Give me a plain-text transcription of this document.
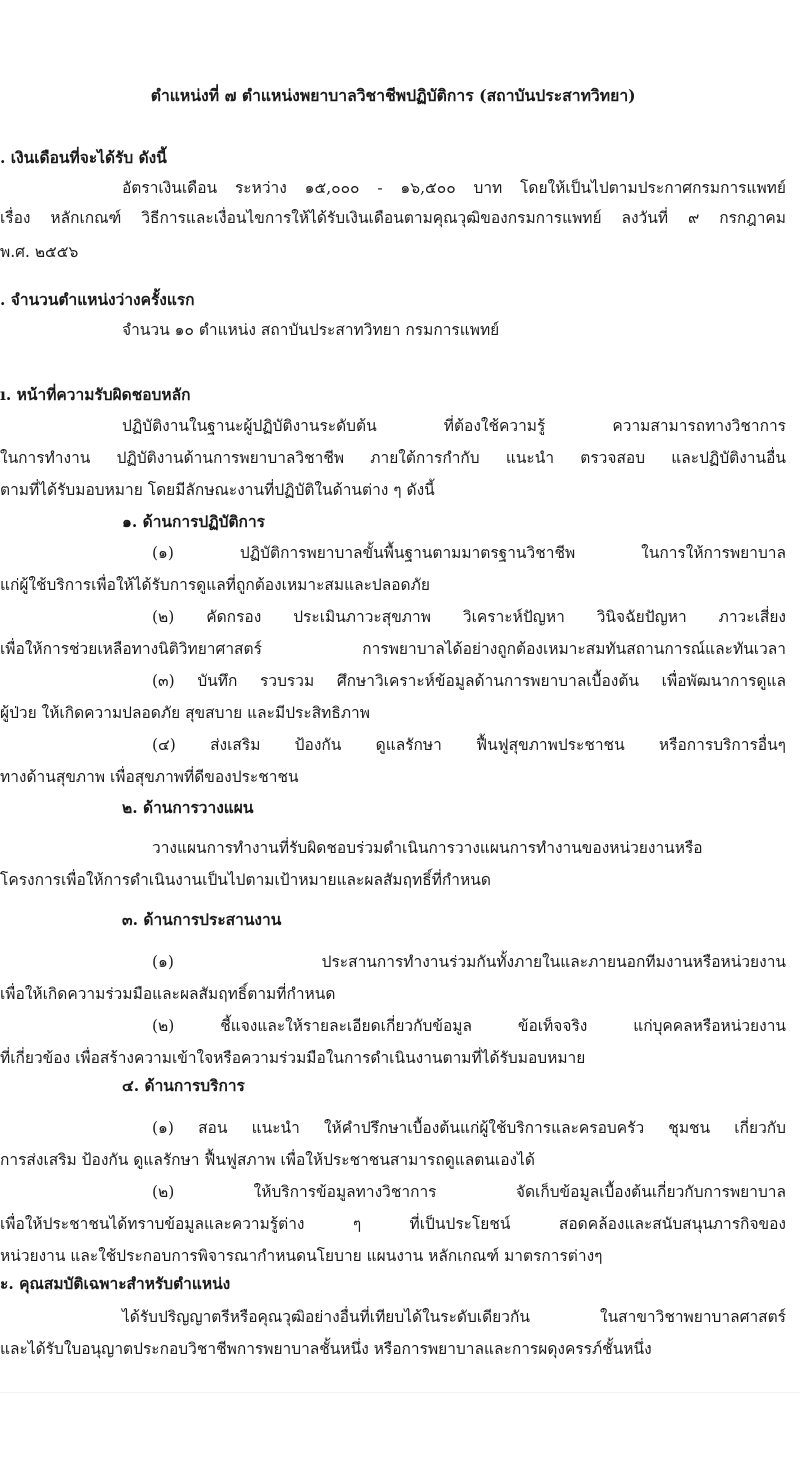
ตำแหน่งที่ ๗ ตำแหน่งพยาบาลวิชาชีพปฏิบัติการ (สถาบันประสาทวิทยา)
. เงินเดือนที่จะได้รับ ดังนี้
อัตราเงินเดือน ระหว่าง ๑๕,๐๐๐ - ๑๖,๕๐๐ บาท โดยให้เป็นไปตามประกาศกรมการแพทย์
เรื่อง หลักเกณฑ์ วิธีการและเงื่อนไขการให้ได้รับเงินเดือนตามคุณวุฒิของกรมการแพทย์ ลงวันที่ ๙ กรกฎาคม
พ.ศ. ๒๕๕๖
. จำนวนตำแหน่งว่างครั้งแรก
จำนวน ๑๐ ตำแหน่ง สถาบันประสาทวิทยา กรมการแพทย์
ı. หน้าที่ความรับผิดชอบหลัก
ปฏิบัติงานในฐานะผู้ปฏิบัติงานระดับต้น ที่ต้องใช้ความรู้ ความสามารถทางวิชาการ
ในการทำงาน ปฏิบัติงานด้านการพยาบาลวิชาชีพ ภายใต้การกำกับ แนะนำ ตรวจสอบ และปฏิบัติงานอื่น
ตามที่ได้รับมอบหมาย โดยมีลักษณะงานที่ปฏิบัติในด้านต่าง ๆ ดังนี้
๑. ด้านการปฏิบัติการ
(๑) ปฏิบัติการพยาบาลขั้นพื้นฐานตามมาตรฐานวิชาชีพ ในการให้การพยาบาล
แก่ผู้ใช้บริการเพื่อให้ได้รับการดูแลที่ถูกต้องเหมาะสมและปลอดภัย
(๒) คัดกรอง ประเมินภาวะสุขภาพ วิเคราะห์ปัญหา วินิจฉัยปัญหา ภาวะเสี่ยง
เพื่อให้การช่วยเหลือทางนิติวิทยาศาสตร์ การพยาบาลได้อย่างถูกต้องเหมาะสมทันสถานการณ์และทันเวลา
(๓) บันทึก รวบรวม ศึกษาวิเคราะห์ข้อมูลด้านการพยาบาลเบื้องต้น เพื่อพัฒนาการดูแล
ผู้ป่วย ให้เกิดความปลอดภัย สุขสบาย และมีประสิทธิภาพ
(๔) ส่งเสริม ป้องกัน ดูแลรักษา ฟื้นฟูสุขภาพประชาชน หรือการบริการอื่นๆ
ทางด้านสุขภาพ เพื่อสุขภาพที่ดีของประชาชน
๒. ด้านการวางแผน
วางแผนการทำงานที่รับผิดชอบร่วมดำเนินการวางแผนการทำงานของหน่วยงานหรือ
โครงการเพื่อให้การดำเนินงานเป็นไปตามเป้าหมายและผลสัมฤทธิ์ที่กำหนด
๓. ด้านการประสานงาน
(๑) ประสานการทำงานร่วมกันทั้งภายในและภายนอกทีมงานหรือหน่วยงาน
เพื่อให้เกิดความร่วมมือและผลสัมฤทธิ์ตามที่กำหนด
(๒) ชี้แจงและให้รายละเอียดเกี่ยวกับข้อมูล ข้อเท็จจริง แก่บุคคลหรือหน่วยงาน
ที่เกี่ยวข้อง เพื่อสร้างความเข้าใจหรือความร่วมมือในการดำเนินงานตามที่ได้รับมอบหมาย
๔. ด้านการบริการ
(๑) สอน แนะนำ ให้คำปรึกษาเบื้องต้นแก่ผู้ใช้บริการและครอบครัว ชุมชน เกี่ยวกับ
การส่งเสริม ป้องกัน ดูแลรักษา ฟื้นฟูสภาพ เพื่อให้ประชาชนสามารถดูแลตนเองได้
(๒) ให้บริการข้อมูลทางวิชาการ จัดเก็บข้อมูลเบื้องต้นเกี่ยวกับการพยาบาล
เพื่อให้ประชาชนได้ทราบข้อมูลและความรู้ต่าง ๆ ที่เป็นประโยชน์ สอดคล้องและสนับสนุนภารกิจของ
หน่วยงาน และใช้ประกอบการพิจารณากำหนดนโยบาย แผนงาน หลักเกณฑ์ มาตรการต่างๆ
ะ. คุณสมบัติเฉพาะสำหรับตำแหน่ง
ได้รับปริญญาตรีหรือคุณวุฒิอย่างอื่นที่เทียบได้ในระดับเดียวกัน ในสาขาวิชาพยาบาลศาสตร์
และได้รับใบอนุญาตประกอบวิชาชีพการพยาบาลชั้นหนึ่ง หรือการพยาบาลและการผดุงครรภ์ชั้นหนึ่ง
